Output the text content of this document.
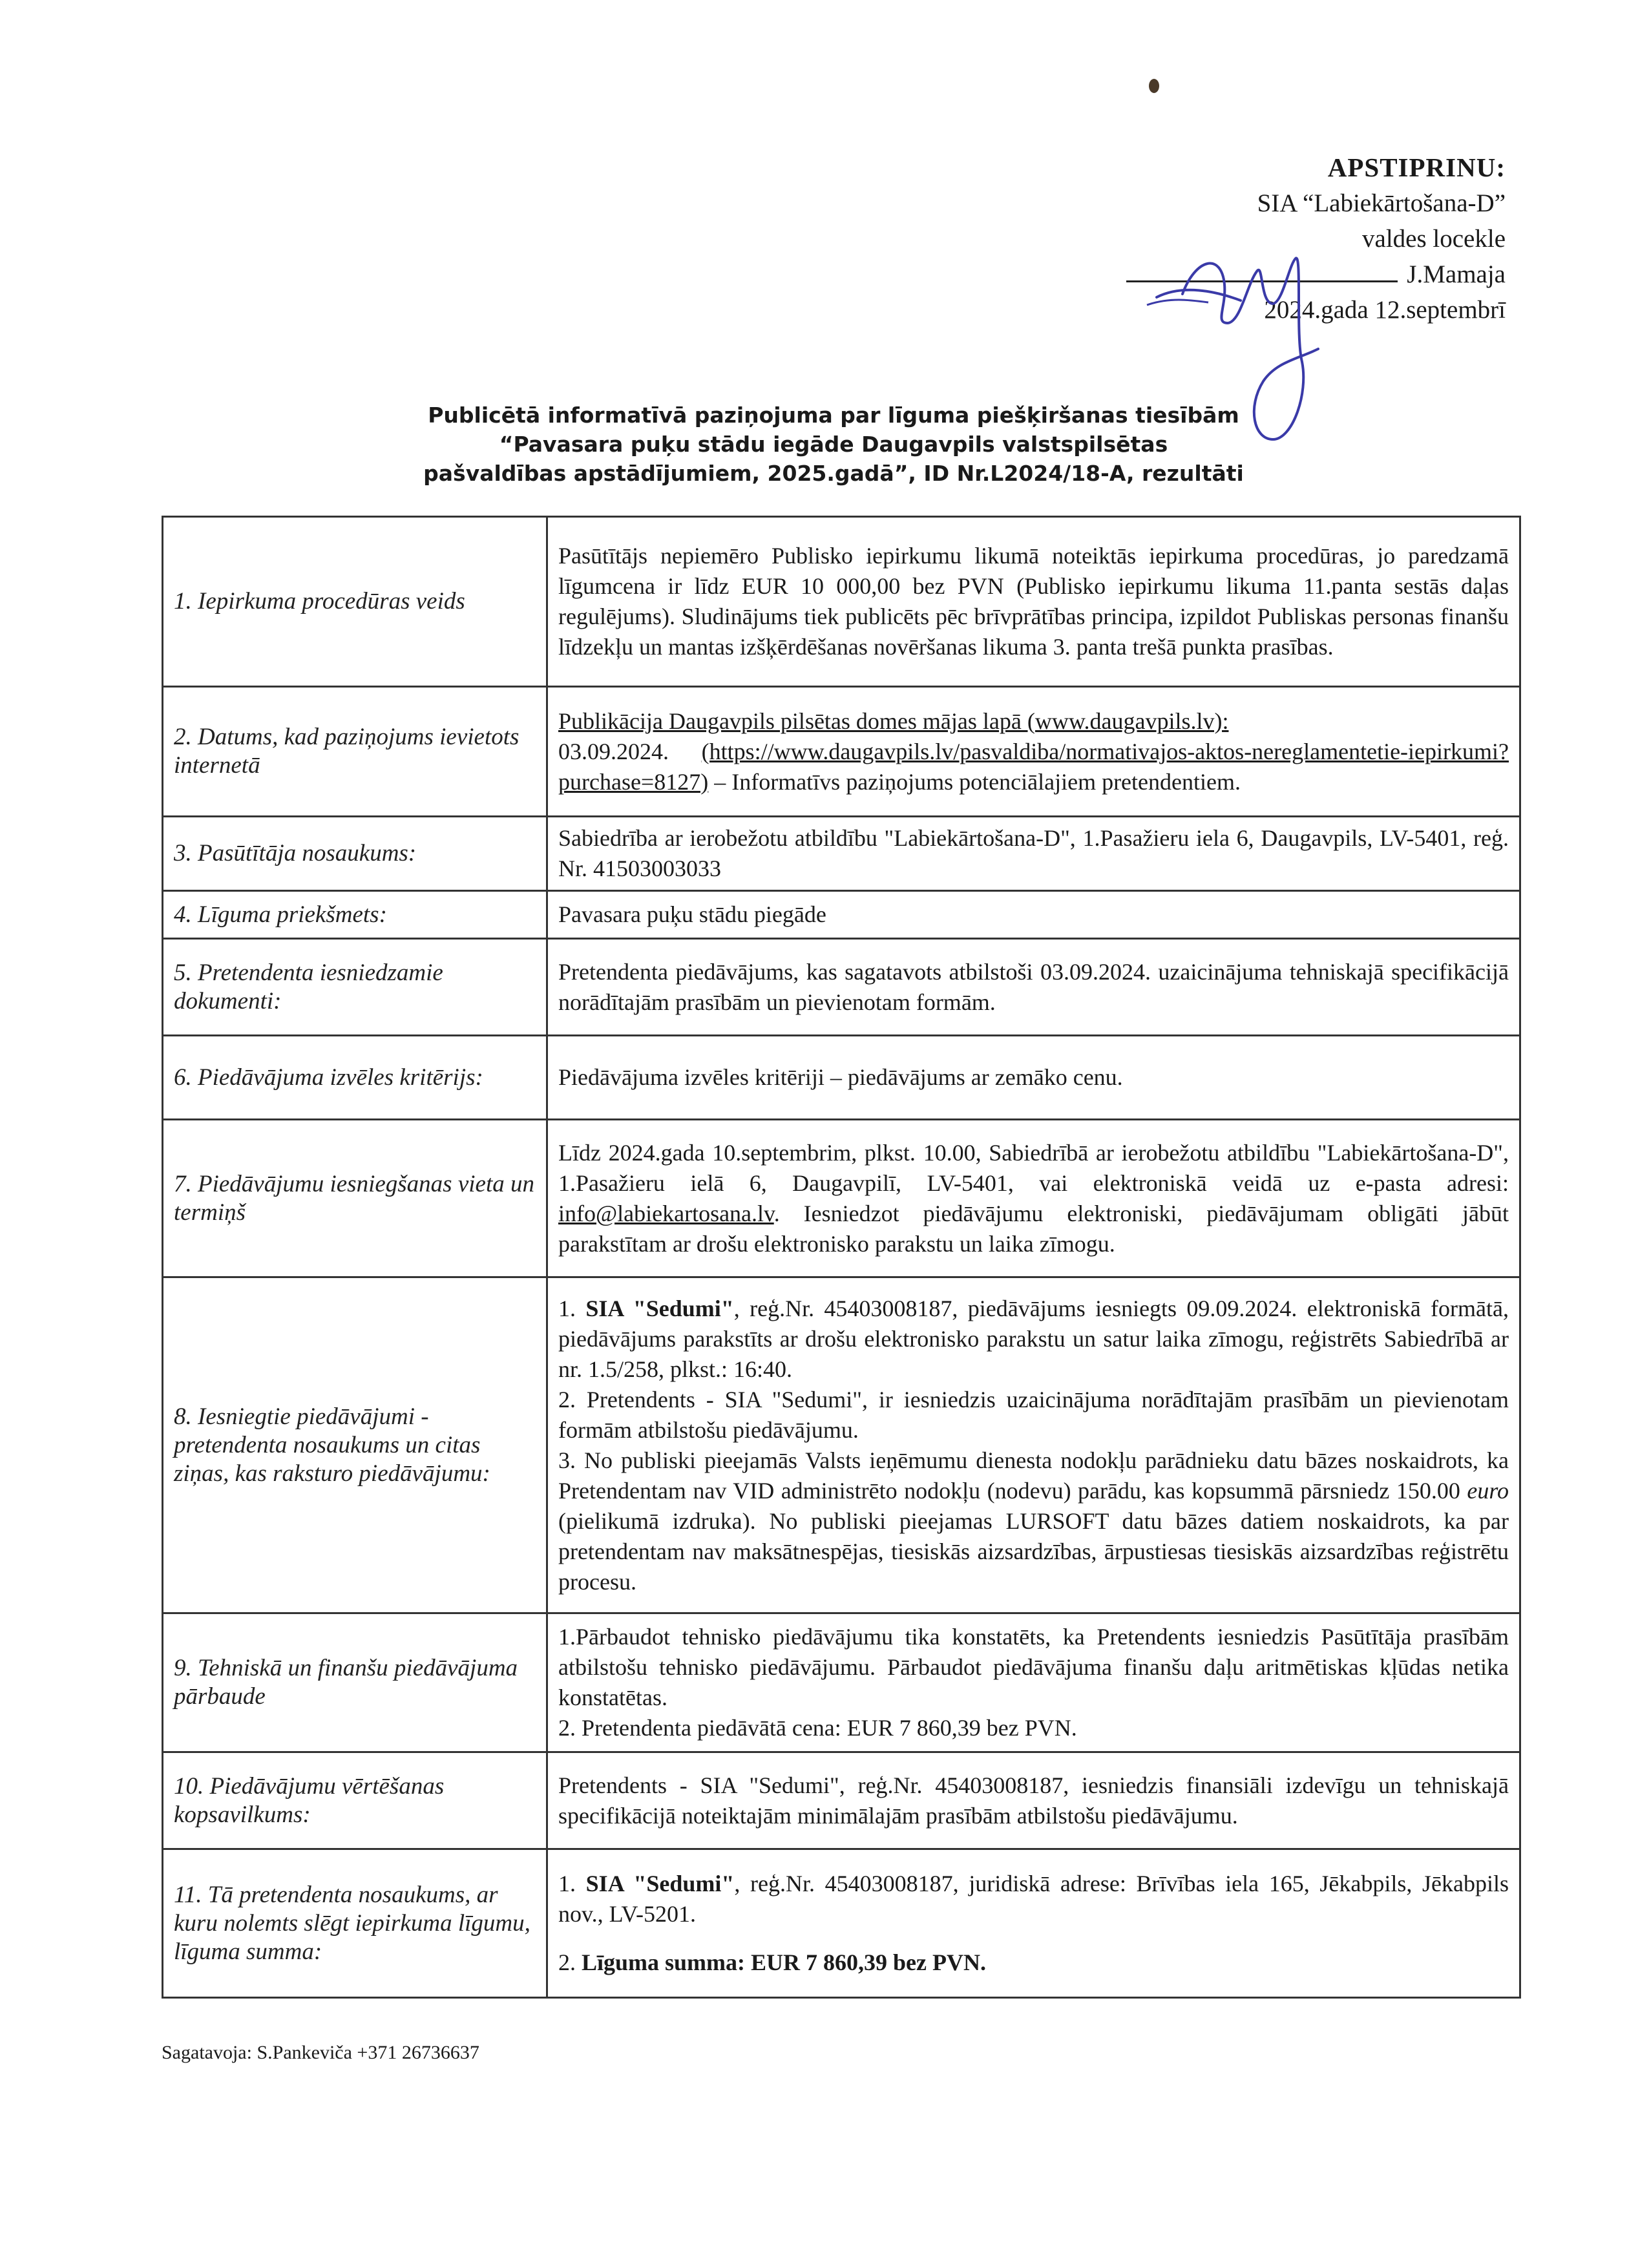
APSTIPRINU:
SIA “Labiekārtošana-D”
valdes locekle
J.Mamaja
2024.gada 12.septembrī
Publicētā informatīvā paziņojuma par līguma piešķiršanas tiesībām
“Pavasara puķu stādu iegāde Daugavpils valstspilsētas
pašvaldības apstādījumiem, 2025.gadā”, ID Nr.L2024/18-A, rezultāti
1. Iepirkuma procedūras veids	Pasūtītājs nepiemēro Publisko iepirkumu likumā noteiktās iepirkuma procedūras, jo paredzamā līgumcena ir līdz EUR 10 000,00 bez PVN (Publisko iepirkumu likuma 11.panta sestās daļas regulējums). Sludinājums tiek publicēts pēc brīvprātības principa, izpildot Publiskas personas finanšu līdzekļu un mantas izšķērdēšanas novēršanas likuma 3. panta trešā punkta prasības.
2. Datums, kad paziņojums ievietots internetā	Publikācija Daugavpils pilsētas domes mājas lapā (www.daugavpils.lv):

03.09.2024. (https://www.daugavpils.lv/pasvaldiba/normativajos-aktos-nereglamentetie-iepirkumi?purchase=8127) – Informatīvs paziņojums potenciālajiem pretendentiem.

3. Pasūtītāja nosaukums:	Sabiedrība ar ierobežotu atbildību "Labiekārtošana-D", 1.Pasažieru iela 6, Daugavpils, LV-5401, reģ. Nr. 41503003033
4. Līguma priekšmets:	Pavasara puķu stādu piegāde
5. Pretendenta iesniedzamie dokumenti:	Pretendenta piedāvājums, kas sagatavots atbilstoši 03.09.2024. uzaicinājuma tehniskajā specifikācijā norādītajām prasībām un pievienotam formām.
6. Piedāvājuma izvēles kritērijs:	Piedāvājuma izvēles kritēriji – piedāvājums ar zemāko cenu.
7. Piedāvājumu iesniegšanas vieta un termiņš	Līdz 2024.gada 10.septembrim, plkst. 10.00, Sabiedrībā ar ierobežotu atbildību "Labiekārtošana-D", 1.Pasažieru ielā 6, Daugavpilī, LV-5401, vai elektroniskā veidā uz e-pasta adresi: info@labiekartosana.lv. Iesniedzot piedāvājumu elektroniski, piedāvājumam obligāti jābūt parakstītam ar drošu elektronisko parakstu un laika zīmogu.
8. Iesniegtie piedāvājumi - pretendenta nosaukums un citas ziņas, kas raksturo piedāvājumu:	1. SIA "Sedumi", reģ.Nr. 45403008187, piedāvājums iesniegts 09.09.2024. elektroniskā formātā, piedāvājums parakstīts ar drošu elektronisko parakstu un satur laika zīmogu, reģistrēts Sabiedrībā ar nr. 1.5/258, plkst.: 16:40.

2. Pretendents - SIA "Sedumi", ir iesniedzis uzaicinājuma norādītajām prasībām un pievienotam formām atbilstošu piedāvājumu.

3. No publiski pieejamās Valsts ieņēmumu dienesta nodokļu parādnieku datu bāzes noskaidrots, ka Pretendentam nav VID administrēto nodokļu (nodevu) parādu, kas kopsummā pārsniedz 150.00 euro (pielikumā izdruka). No publiski pieejamas LURSOFT datu bāzes datiem noskaidrots, ka par pretendentam nav maksātnespējas, tiesiskās aizsardzības, ārpustiesas tiesiskās aizsardzības reģistrētu procesu.

9. Tehniskā un finanšu piedāvājuma pārbaude	1.Pārbaudot tehnisko piedāvājumu tika konstatēts, ka Pretendents iesniedzis Pasūtītāja prasībām atbilstošu tehnisko piedāvājumu. Pārbaudot piedāvājuma finanšu daļu aritmētiskas kļūdas netika konstatētas.

2. Pretendenta piedāvātā cena: EUR 7 860,39 bez PVN.

10. Piedāvājumu vērtēšanas kopsavilkums:	Pretendents - SIA "Sedumi", reģ.Nr. 45403008187, iesniedzis finansiāli izdevīgu un tehniskajā specifikācijā noteiktajām minimālajām prasībām atbilstošu piedāvājumu.
11. Tā pretendenta nosaukums, ar kuru nolemts slēgt iepirkuma līgumu, līguma summa:	1. SIA "Sedumi", reģ.Nr. 45403008187, juridiskā adrese: Brīvības iela 165, Jēkabpils, Jēkabpils nov., LV-5201.

2. Līguma summa: EUR 7 860,39 bez PVN.

Sagatavoja: S.Pankeviča +371 26736637
